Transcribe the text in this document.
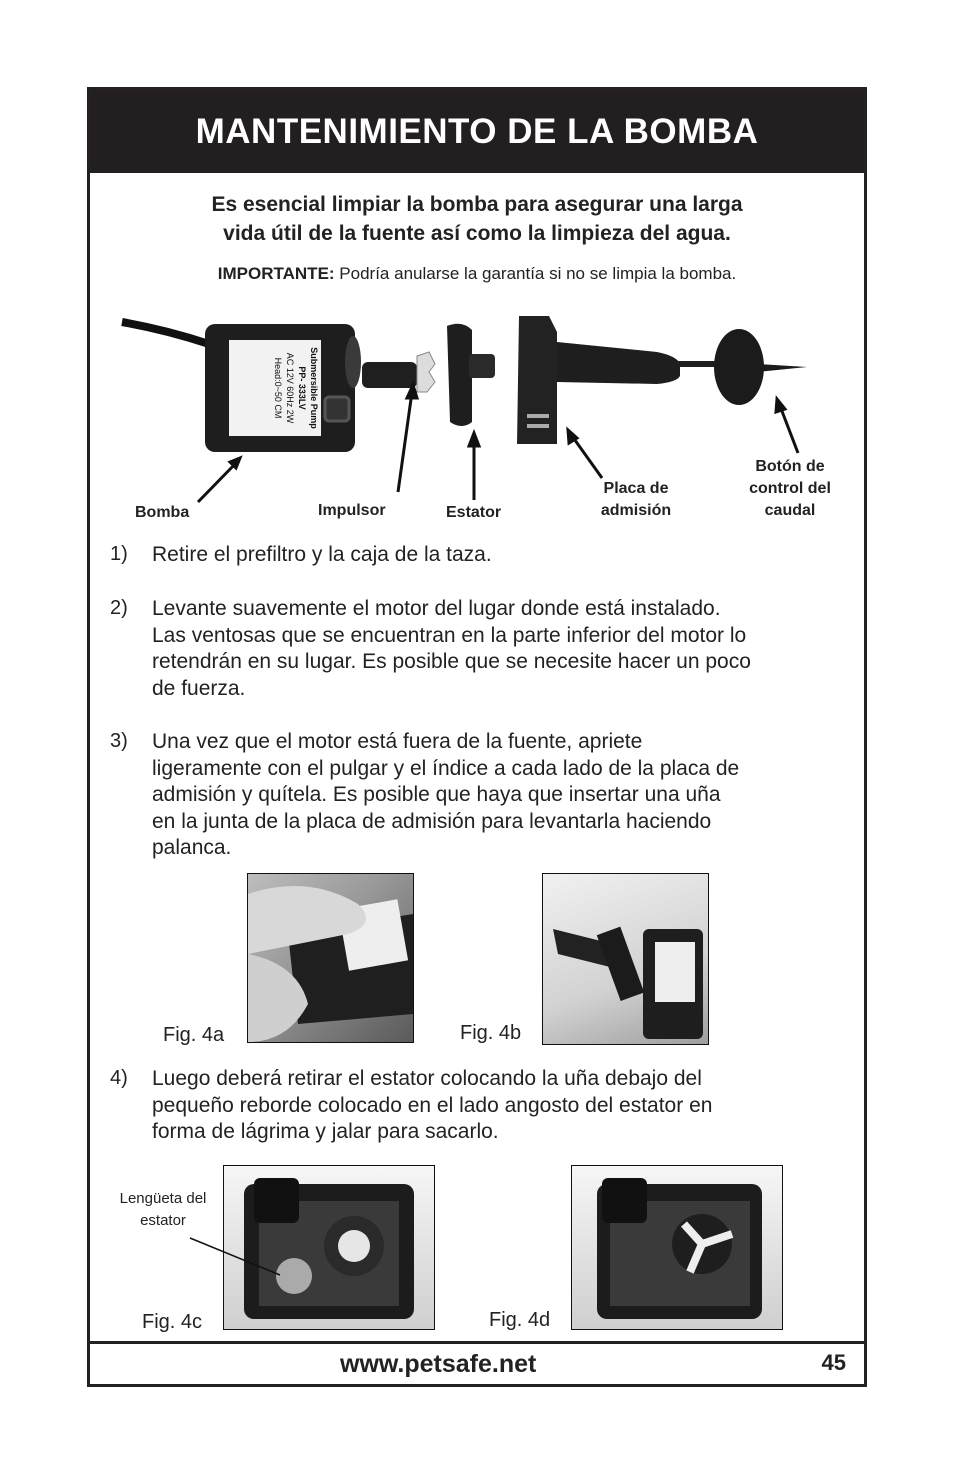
MANTENIMIENTO DE LA BOMBA
Es esencial limpiar la bomba para asegurar una larga
vida útil de la fuente así como la limpieza del agua.
IMPORTANTE: Podría anularse la garantía si no se limpia la bomba.
Submersible Pump
PP- 333LV
AC 12V 60Hz 2W
Head:0~50 CM
Bomba	Impulsor	Estator
Placa de
admisión
Botón de
control del
caudal
1) Retire el prefiltro y la caja de la taza.
2) Levante suavemente el motor del lugar donde está instalado.
Las ventosas que se encuentran en la parte inferior del motor lo
retendrán en su lugar. Es posible que se necesite hacer un poco
de fuerza.
3) Una vez que el motor está fuera de la fuente, apriete
ligeramente con el pulgar y el índice a cada lado de la placa de
admisión y quítela. Es posible que haya que insertar una uña
en la junta de la placa de admisión para levantarla haciendo
palanca.
4) Luego deberá retirar el estator colocando la uña debajo del
pequeño reborde colocado en el lado angosto del estator en
forma de lágrima y jalar para sacarlo.
Fig. 4a	Fig. 4b
Fig. 4c
Lengüeta del
estator
Fig. 4d
www.petsafe.net	45
